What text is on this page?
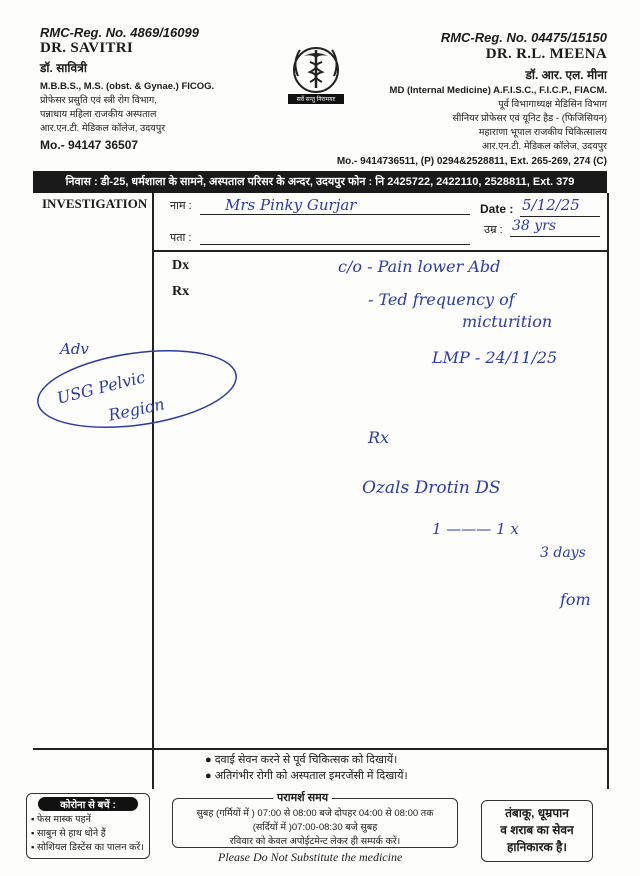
RMC-Reg. No. 4869/16099
DR. SAVITRI
डॉ. सावित्री
M.B.B.S., M.S. (obst. & Gynae.) FICOG.
प्रोफेसर प्रसुति एवं स्त्री रोग विभाग,
पन्नाधाय महिला राजकीय अस्पताल
आर.एन.टी. मेडिकल कॉलेज, उदयपुर
Mo.- 94147 36507
सर्वे सन्तु निरामयाः
RMC-Reg. No. 04475/15150
DR. R.L. MEENA
डॉ. आर. एल. मीना
MD (Internal Medicine) A.F.I.S.C., F.I.C.P., FIACM.
पूर्व विभागाध्यक्ष मेडिसिन विभाग
सीनियर प्रोफेसर एवं यूनिट हैड - (फिजिसियन)
महाराणा भूपाल राजकीय चिकित्सालय
आर.एन.टी. मेडिकल कॉलेज, उदयपुर
Mo.- 9414736511, (P) 0294&2528811, Ext. 265-269, 274 (C)
निवास : डी-25, धर्मशाला के सामने, अस्पताल परिसर के अन्दर, उदयपुर फोन : नि 2425722, 2422110, 2528811, Ext. 379
INVESTIGATION नाम :	Date :
उम्र :
पता :
Dx
Rx
Mrs Pinky Gurjar	5/12/25
38 yrs
c/o - Pain lower Abd
- Ted frequency of
micturition
LMP - 24/11/25
Adv
USG Pelvic
Region
Rx
Ozals Drotin DS
1 ——— 1 x
3 days
fom
● दवाई सेवन करने से पूर्व चिकित्सक को दिखायें।
● अतिगंभीर रोगी को अस्पताल इमरजेंसी में दिखायें।
कोरोना से बचें :
▪ फेस मास्क पहनें
▪ साबुन से हाथ धोने हैं
▪ सोशियल डिस्टेंस का पालन करें।
परामर्श समय
सुबह (गर्मियों में ) 07:00 से 08:00 बजे दोपहर 04:00 से 08:00 तक
(सर्दियों में )07:00-08:30 बजे सुबह
रविवार को केवल अपोईटमेन्ट लेकर ही सम्पर्क करें।
Please Do Not Substitute the medicine
तंबाकू, धूम्रपान
व शराब का सेवन
हानिकारक है।
